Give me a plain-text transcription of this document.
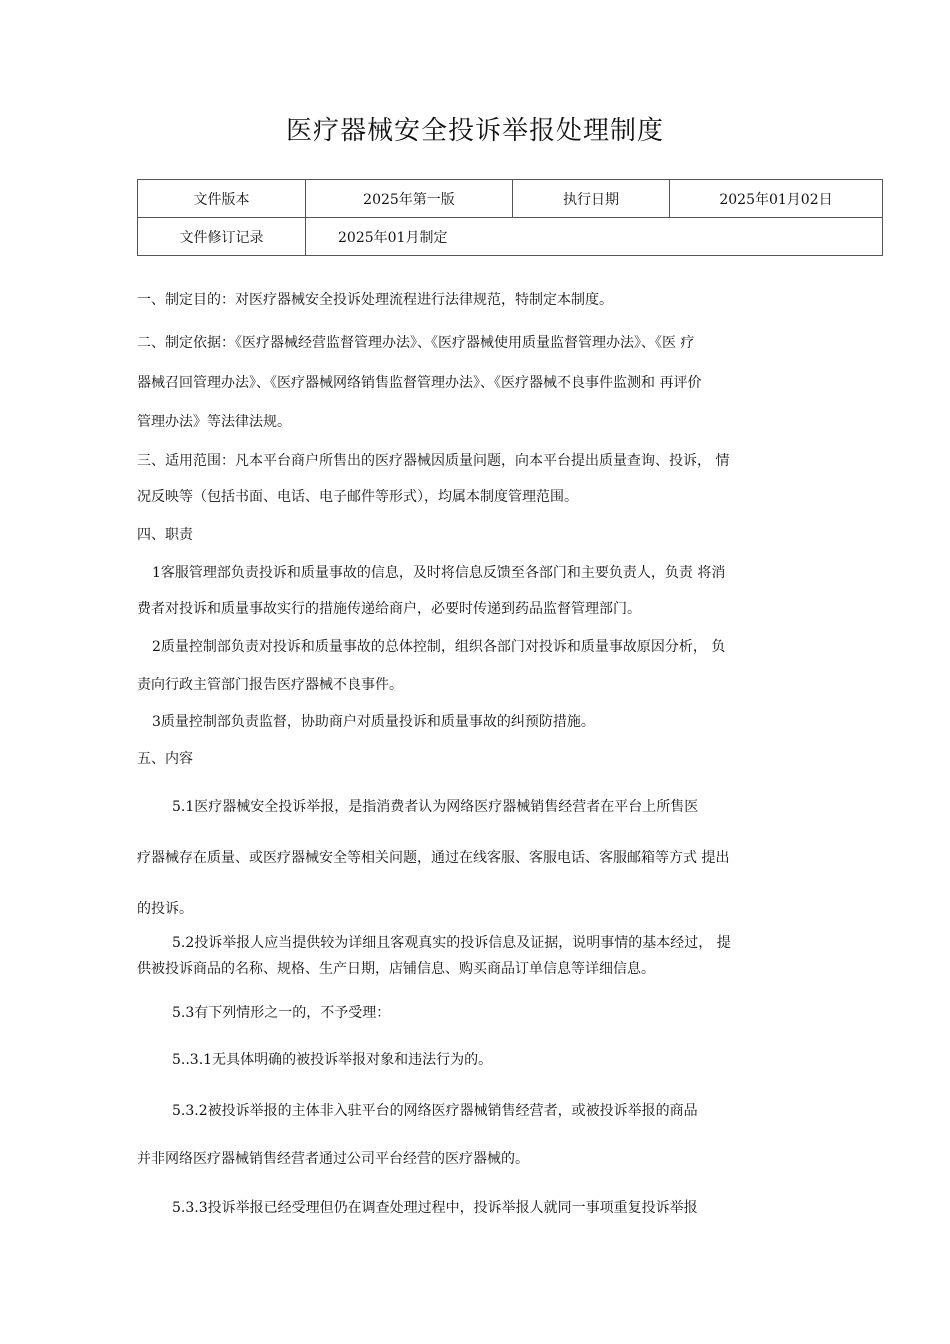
医疗器械安全投诉举报处理制度
文件版本	2025年第一版	执行日期	2025年01月02日
文件修订记录	2025年01月制定		
一、制定目的：对医疗器械安全投诉处理流程进行法律规范，特制定本制度。
二、制定依据：《医疗器械经营监督管理办法》、《医疗器械使用质量监督管理办法》、《医 疗
器械召回管理办法》、《医疗器械网络销售监督管理办法》、《医疗器械不良事件监测和 再评价
管理办法》等法律法规。
三、适用范围：凡本平台商户所售出的医疗器械因质量问题，向本平台提出质量查询、投诉， 情
况反映等（包括书面、电话、电子邮件等形式），均属本制度管理范围。
四、职责
1客服管理部负责投诉和质量事故的信息，及时将信息反馈至各部门和主要负责人，负责 将消
费者对投诉和质量事故实行的措施传递给商户，必要时传递到药品监督管理部门。
2质量控制部负责对投诉和质量事故的总体控制，组织各部门对投诉和质量事故原因分析， 负
责向行政主管部门报告医疗器械不良事件。
3质量控制部负责监督，协助商户对质量投诉和质量事故的纠预防措施。
五、内容
5.1医疗器械安全投诉举报，是指消费者认为网络医疗器械销售经营者在平台上所售医
疗器械存在质量、或医疗器械安全等相关问题，通过在线客服、客服电话、客服邮箱等方式 提出
的投诉。
5.2投诉举报人应当提供较为详细且客观真实的投诉信息及证据，说明事情的基本经过， 提
供被投诉商品的名称、规格、生产日期，店铺信息、购买商品订单信息等详细信息。
5.3有下列情形之一的，不予受理：
5..3.1无具体明确的被投诉举报对象和违法行为的。
5.3.2被投诉举报的主体非入驻平台的网络医疗器械销售经营者，或被投诉举报的商品
并非网络医疗器械销售经营者通过公司平台经营的医疗器械的。
5.3.3投诉举报已经受理但仍在调查处理过程中，投诉举报人就同一事项重复投诉举报
